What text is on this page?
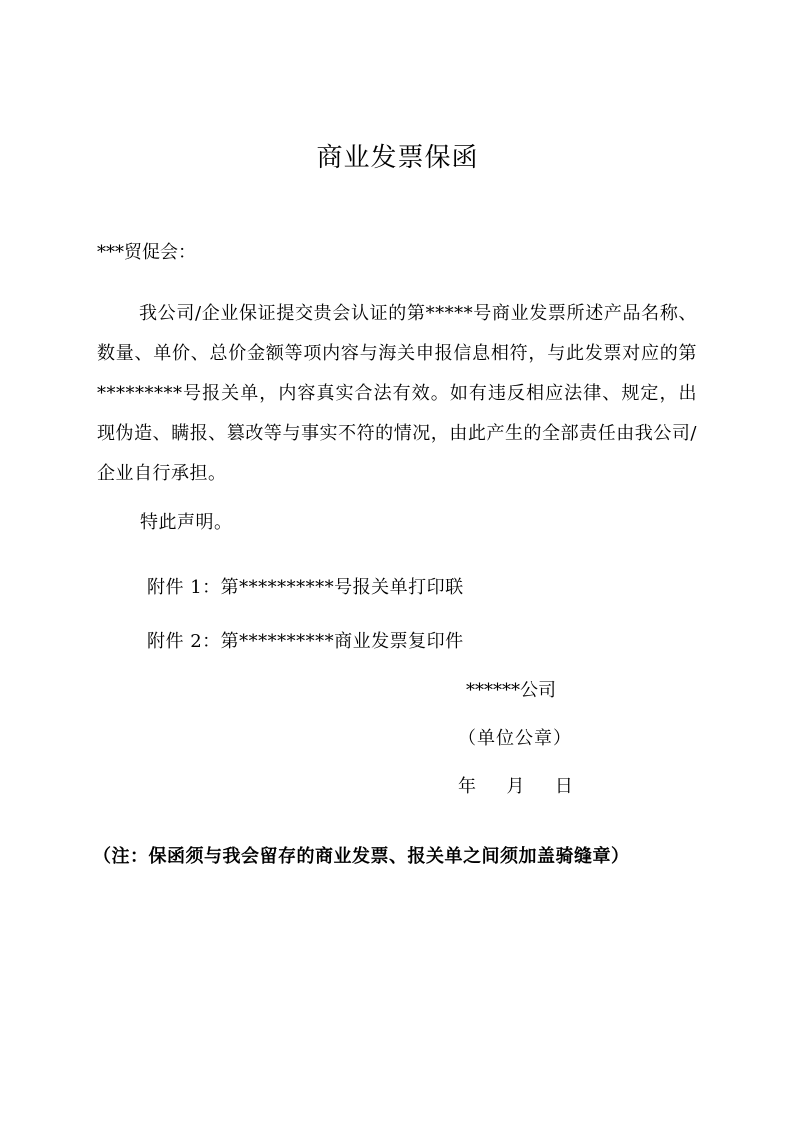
商业发票保函
***贸促会：
我公司/企业保证提交贵会认证的第*****号商业发票所述产品名称、数量、单价、总价金额等项内容与海关申报信息相符，与此发票对应的第*********号报关单，内容真实合法有效。如有违反相应法律、规定，出现伪造、瞒报、篡改等与事实不符的情况，由此产生的全部责任由我公司/企业自行承担。
特此声明。
附件 1：第**********号报关单打印联
附件 2：第**********商业发票复印件
******公司
（单位公章）
年  月  日
（注：保函须与我会留存的商业发票、报关单之间须加盖骑缝章）
